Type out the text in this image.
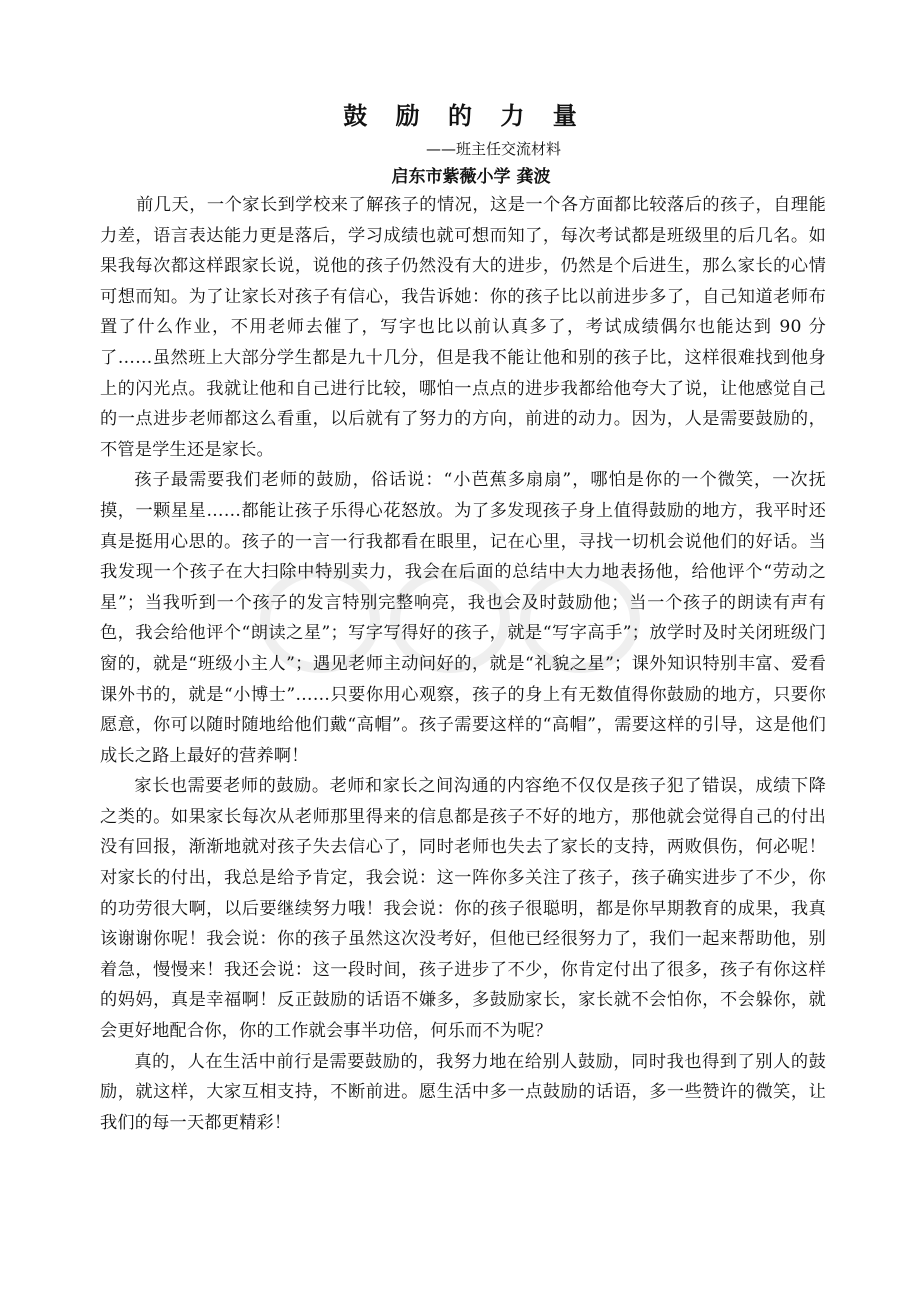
鼓 励 的 力 量
——班主任交流材料
启东市紫薇小学 龚波

前几天，一个家长到学校来了解孩子的情况，这是一个各方面都比较落后的孩子，自理能力差，语言表达能力更是落后，学习成绩也就可想而知了，每次考试都是班级里的后几名。如果我每次都这样跟家长说，说他的孩子仍然没有大的进步，仍然是个后进生，那么家长的心情可想而知。为了让家长对孩子有信心，我告诉她：你的孩子比以前进步多了，自己知道老师布置了什么作业，不用老师去催了，写字也比以前认真多了，考试成绩偶尔也能达到 90 分了……虽然班上大部分学生都是九十几分，但是我不能让他和别的孩子比，这样很难找到他身上的闪光点。我就让他和自己进行比较，哪怕一点点的进步我都给他夸大了说，让他感觉自己的一点进步老师都这么看重，以后就有了努力的方向，前进的动力。因为，人是需要鼓励的，不管是学生还是家长。

孩子最需要我们老师的鼓励，俗话说：“小芭蕉多扇扇”，哪怕是你的一个微笑，一次抚摸，一颗星星……都能让孩子乐得心花怒放。为了多发现孩子身上值得鼓励的地方，我平时还真是挺用心思的。孩子的一言一行我都看在眼里，记在心里，寻找一切机会说他们的好话。当我发现一个孩子在大扫除中特别卖力，我会在后面的总结中大力地表扬他，给他评个“劳动之星”；当我听到一个孩子的发言特别完整响亮，我也会及时鼓励他；当一个孩子的朗读有声有色，我会给他评个“朗读之星”；写字写得好的孩子，就是“写字高手”；放学时及时关闭班级门窗的，就是“班级小主人”；遇见老师主动问好的，就是“礼貌之星”；课外知识特别丰富、爱看课外书的，就是“小博士”……只要你用心观察，孩子的身上有无数值得你鼓励的地方，只要你愿意，你可以随时随地给他们戴“高帽”。孩子需要这样的“高帽”，需要这样的引导，这是他们成长之路上最好的营养啊！

家长也需要老师的鼓励。老师和家长之间沟通的内容绝不仅仅是孩子犯了错误，成绩下降之类的。如果家长每次从老师那里得来的信息都是孩子不好的地方，那他就会觉得自己的付出没有回报，渐渐地就对孩子失去信心了，同时老师也失去了家长的支持，两败俱伤，何必呢！对家长的付出，我总是给予肯定，我会说：这一阵你多关注了孩子，孩子确实进步了不少，你的功劳很大啊，以后要继续努力哦！我会说：你的孩子很聪明，都是你早期教育的成果，我真该谢谢你呢！我会说：你的孩子虽然这次没考好，但他已经很努力了，我们一起来帮助他，别着急，慢慢来！我还会说：这一段时间，孩子进步了不少，你肯定付出了很多，孩子有你这样的妈妈，真是幸福啊！反正鼓励的话语不嫌多，多鼓励家长，家长就不会怕你，不会躲你，就会更好地配合你，你的工作就会事半功倍，何乐而不为呢？

真的，人在生活中前行是需要鼓励的，我努力地在给别人鼓励，同时我也得到了别人的鼓励，就这样，大家互相支持，不断前进。愿生活中多一点鼓励的话语，多一些赞许的微笑，让我们的每一天都更精彩！
